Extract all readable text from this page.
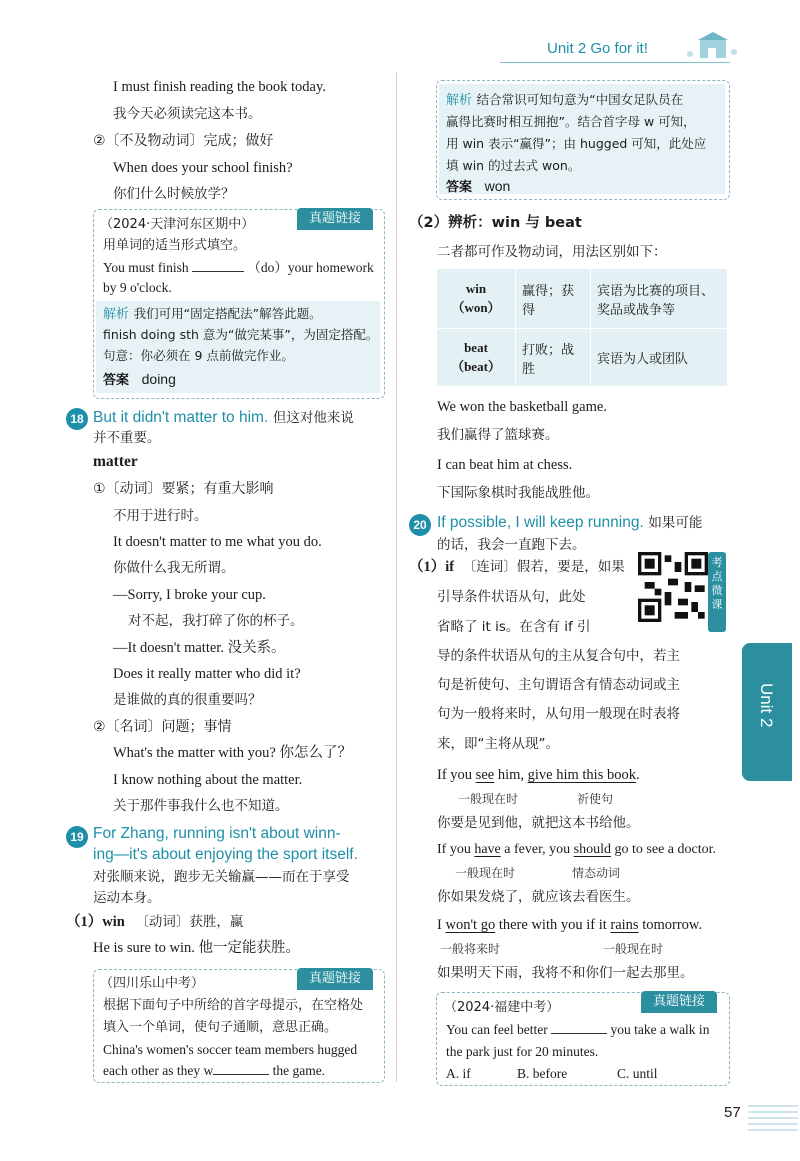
Unit 2 Go for it!
Unit 2
I must finish reading the book today.
我今天必须读完这本书。
②〔不及物动词〕完成；做好
When does your school finish?
你们什么时候放学？
真题链接
（2024·天津河东区期中）
用单词的适当形式填空。
You must finish	（do）your homework
by 9 o'clock.
解析 我们可用“固定搭配法”解答此题。
finish doing sth 意为“做完某事”，为固定搭配。
句意：你必须在 9 点前做完作业。
答案 doing
18 But it didn't matter to him. 但这对他来说
并不重要。
matter
①〔动词〕要紧；有重大影响
不用于进行时。
It doesn't matter to me what you do.
你做什么我无所谓。
—Sorry, I broke your cup.
对不起，我打碎了你的杯子。
—It doesn't matter. 没关系。
Does it really matter who did it?
是谁做的真的很重要吗？
②〔名词〕问题；事情
What's the matter with you? 你怎么了？
I know nothing about the matter.
关于那件事我什么也不知道。
19 For Zhang, running isn't about winn-
ing—it's about enjoying the sport itself.
对张顺来说，跑步无关输赢——而在于享受
运动本身。
（1）win 〔动词〕获胜，赢
He is sure to win. 他一定能获胜。
真题链接
（四川乐山中考）
根据下面句子中所给的首字母提示，在空格处
填入一个单词，使句子通顺，意思正确。
China's women's soccer team members hugged
each other as they w	the game.
解析 结合常识可知句意为“中国女足队员在
赢得比赛时相互拥抱”。结合首字母 w 可知，
用 win 表示“赢得”；由 hugged 可知，此处应
填 win 的过去式 won。
答案 won
（2）辨析：win 与 beat
二者都可作及物动词，用法区别如下：
win
（won）	赢得；获得	宾语为比赛的项目、
奖品或战争等
beat
（beat）	打败；战胜	宾语为人或团队
We won the basketball game.
我们赢得了篮球赛。
I can beat him at chess.
下国际象棋时我能战胜他。
20 If possible, I will keep running. 如果可能
的话，我会一直跑下去。
（1）if 〔连词〕假若，要是，如果
引导条件状语从句，此处
省略了 it is。在含有 if 引
导的条件状语从句的主从复合句中，若主
句是祈使句、主句谓语含有情态动词或主
句为一般将来时，从句用一般现在时表将
来，即“主将从现”。
考点微课
If you see him, give him this book.
一般现在时	祈使句
你要是见到他，就把这本书给他。
If you have a fever, you should go to see a doctor.
一般现在时	情态动词
你如果发烧了，就应该去看医生。
I won't go there with you if it rains tomorrow.
一般将来时	一般现在时
如果明天下雨，我将不和你们一起去那里。
真题链接
（2024·福建中考）
You can feel better	you take a walk in
the park just for 20 minutes.
A. if	B. before	C. until
57
